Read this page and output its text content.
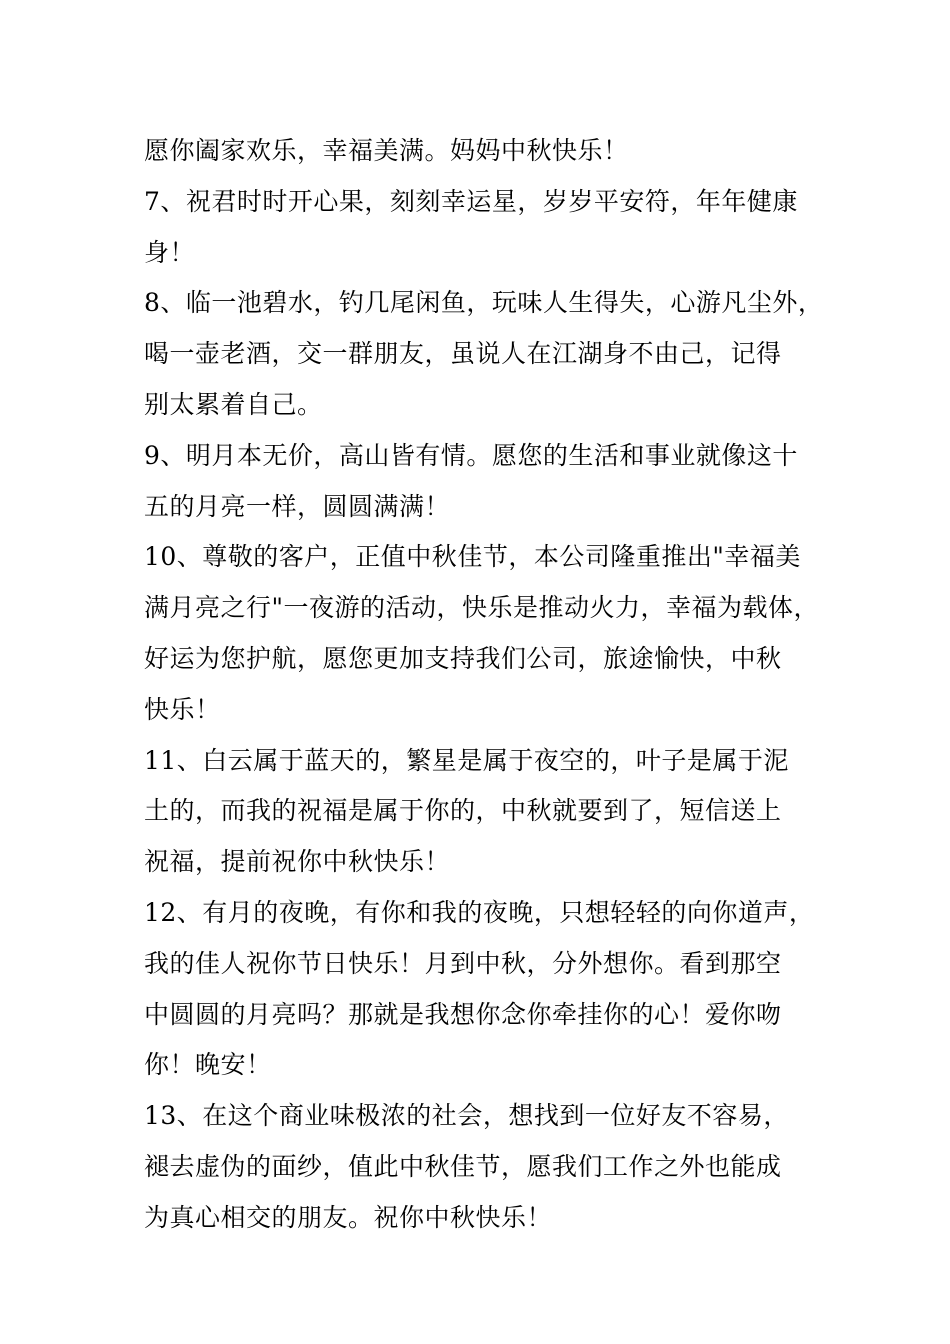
愿你阖家欢乐，幸福美满。妈妈中秋快乐！
7、祝君时时开心果，刻刻幸运星，岁岁平安符，年年健康
身！
8、临一池碧水，钓几尾闲鱼，玩味人生得失，心游凡尘外，
喝一壶老酒，交一群朋友，虽说人在江湖身不由己，记得
别太累着自己。
9、明月本无价，高山皆有情。愿您的生活和事业就像这十
五的月亮一样，圆圆满满！
10、尊敬的客户，正值中秋佳节，本公司隆重推出"幸福美
满月亮之行"一夜游的活动，快乐是推动火力，幸福为载体，
好运为您护航，愿您更加支持我们公司，旅途愉快，中秋
快乐！
11、白云属于蓝天的，繁星是属于夜空的，叶子是属于泥
土的，而我的祝福是属于你的，中秋就要到了，短信送上
祝福，提前祝你中秋快乐！
12、有月的夜晚，有你和我的夜晚，只想轻轻的向你道声，
我的佳人祝你节日快乐！月到中秋，分外想你。看到那空
中圆圆的月亮吗？那就是我想你念你牵挂你的心！爱你吻
你！晚安！
13、在这个商业味极浓的社会，想找到一位好友不容易，
褪去虚伪的面纱，值此中秋佳节，愿我们工作之外也能成
为真心相交的朋友。祝你中秋快乐！
